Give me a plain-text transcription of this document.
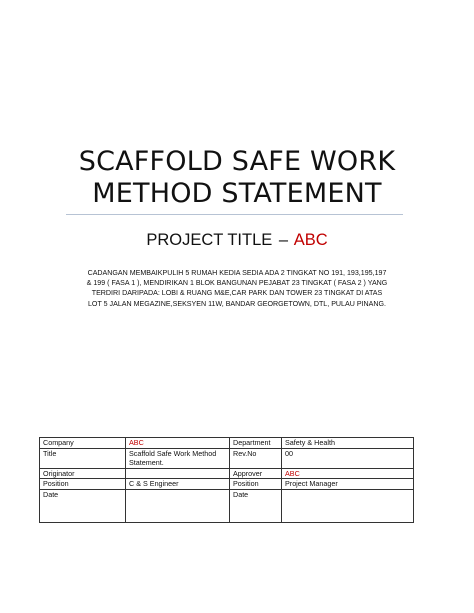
SCAFFOLD SAFE WORK
METHOD STATEMENT
PROJECT TITLE – ABC

CADANGAN MEMBAIKPULIH 5 RUMAH KEDIA SEDIA ADA 2 TINGKAT NO 191, 193,195,197 & 199 ( FASA 1 ), MENDIRIKAN 1 BLOK BANGUNAN PEJABAT 23 TINGKAT ( FASA 2 ) YANG TERDIRI DARIPADA: LOBI & RUANG M&E,CAR PARK DAN TOWER 23 TINGKAT DI ATAS LOT 5 JALAN MEGAZINE,SEKSYEN 11W, BANDAR GEORGETOWN, DTL, PULAU PINANG.

Company	ABC	Department	Safety & Health
Title	Scaffold Safe Work Method Statement.	Rev.No	00
Originator		Approver	ABC
Position	C & S Engineer	Position	Project Manager
Date		Date	
